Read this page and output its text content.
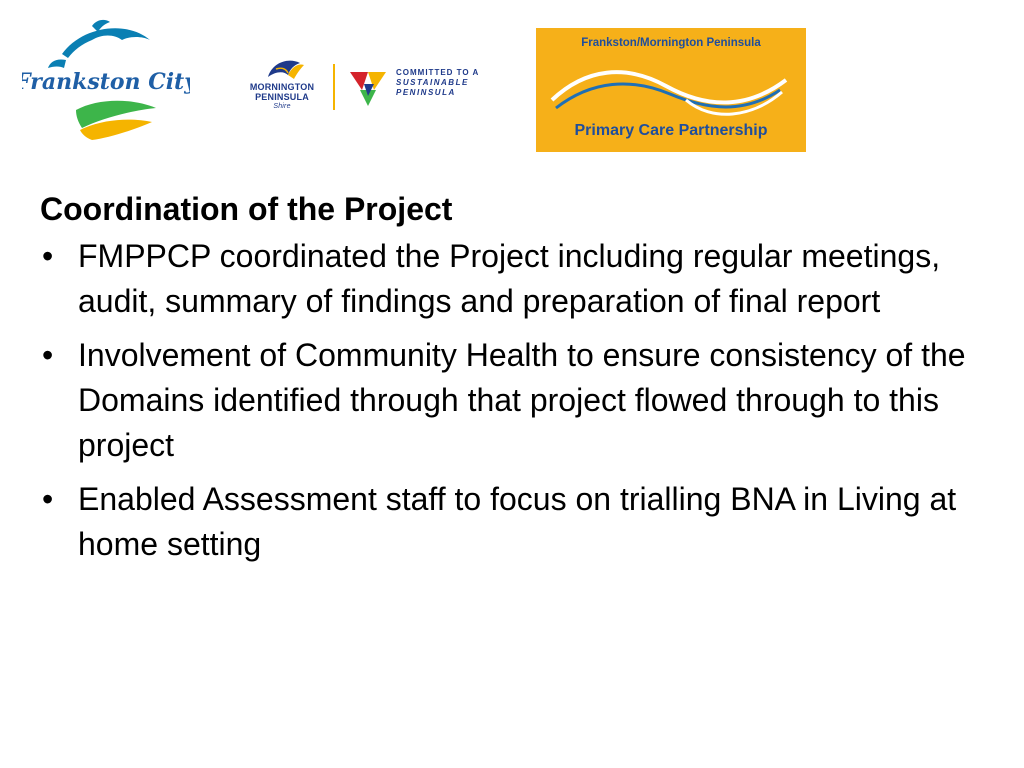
Frankston City	MORNINGTON
PENINSULA
Shire
COMMITTED TO A
SUSTAINABLE
PENINSULA
Frankston/Mornington Peninsula
Primary Care Partnership
Coordination of the Project
• FMPPCP coordinated the Project including regular meetings, audit, summary of findings and preparation of final report
• Involvement of Community Health to ensure consistency of the Domains identified through that project flowed through to this project
• Enabled Assessment staff to focus on trialling BNA in Living at home setting
